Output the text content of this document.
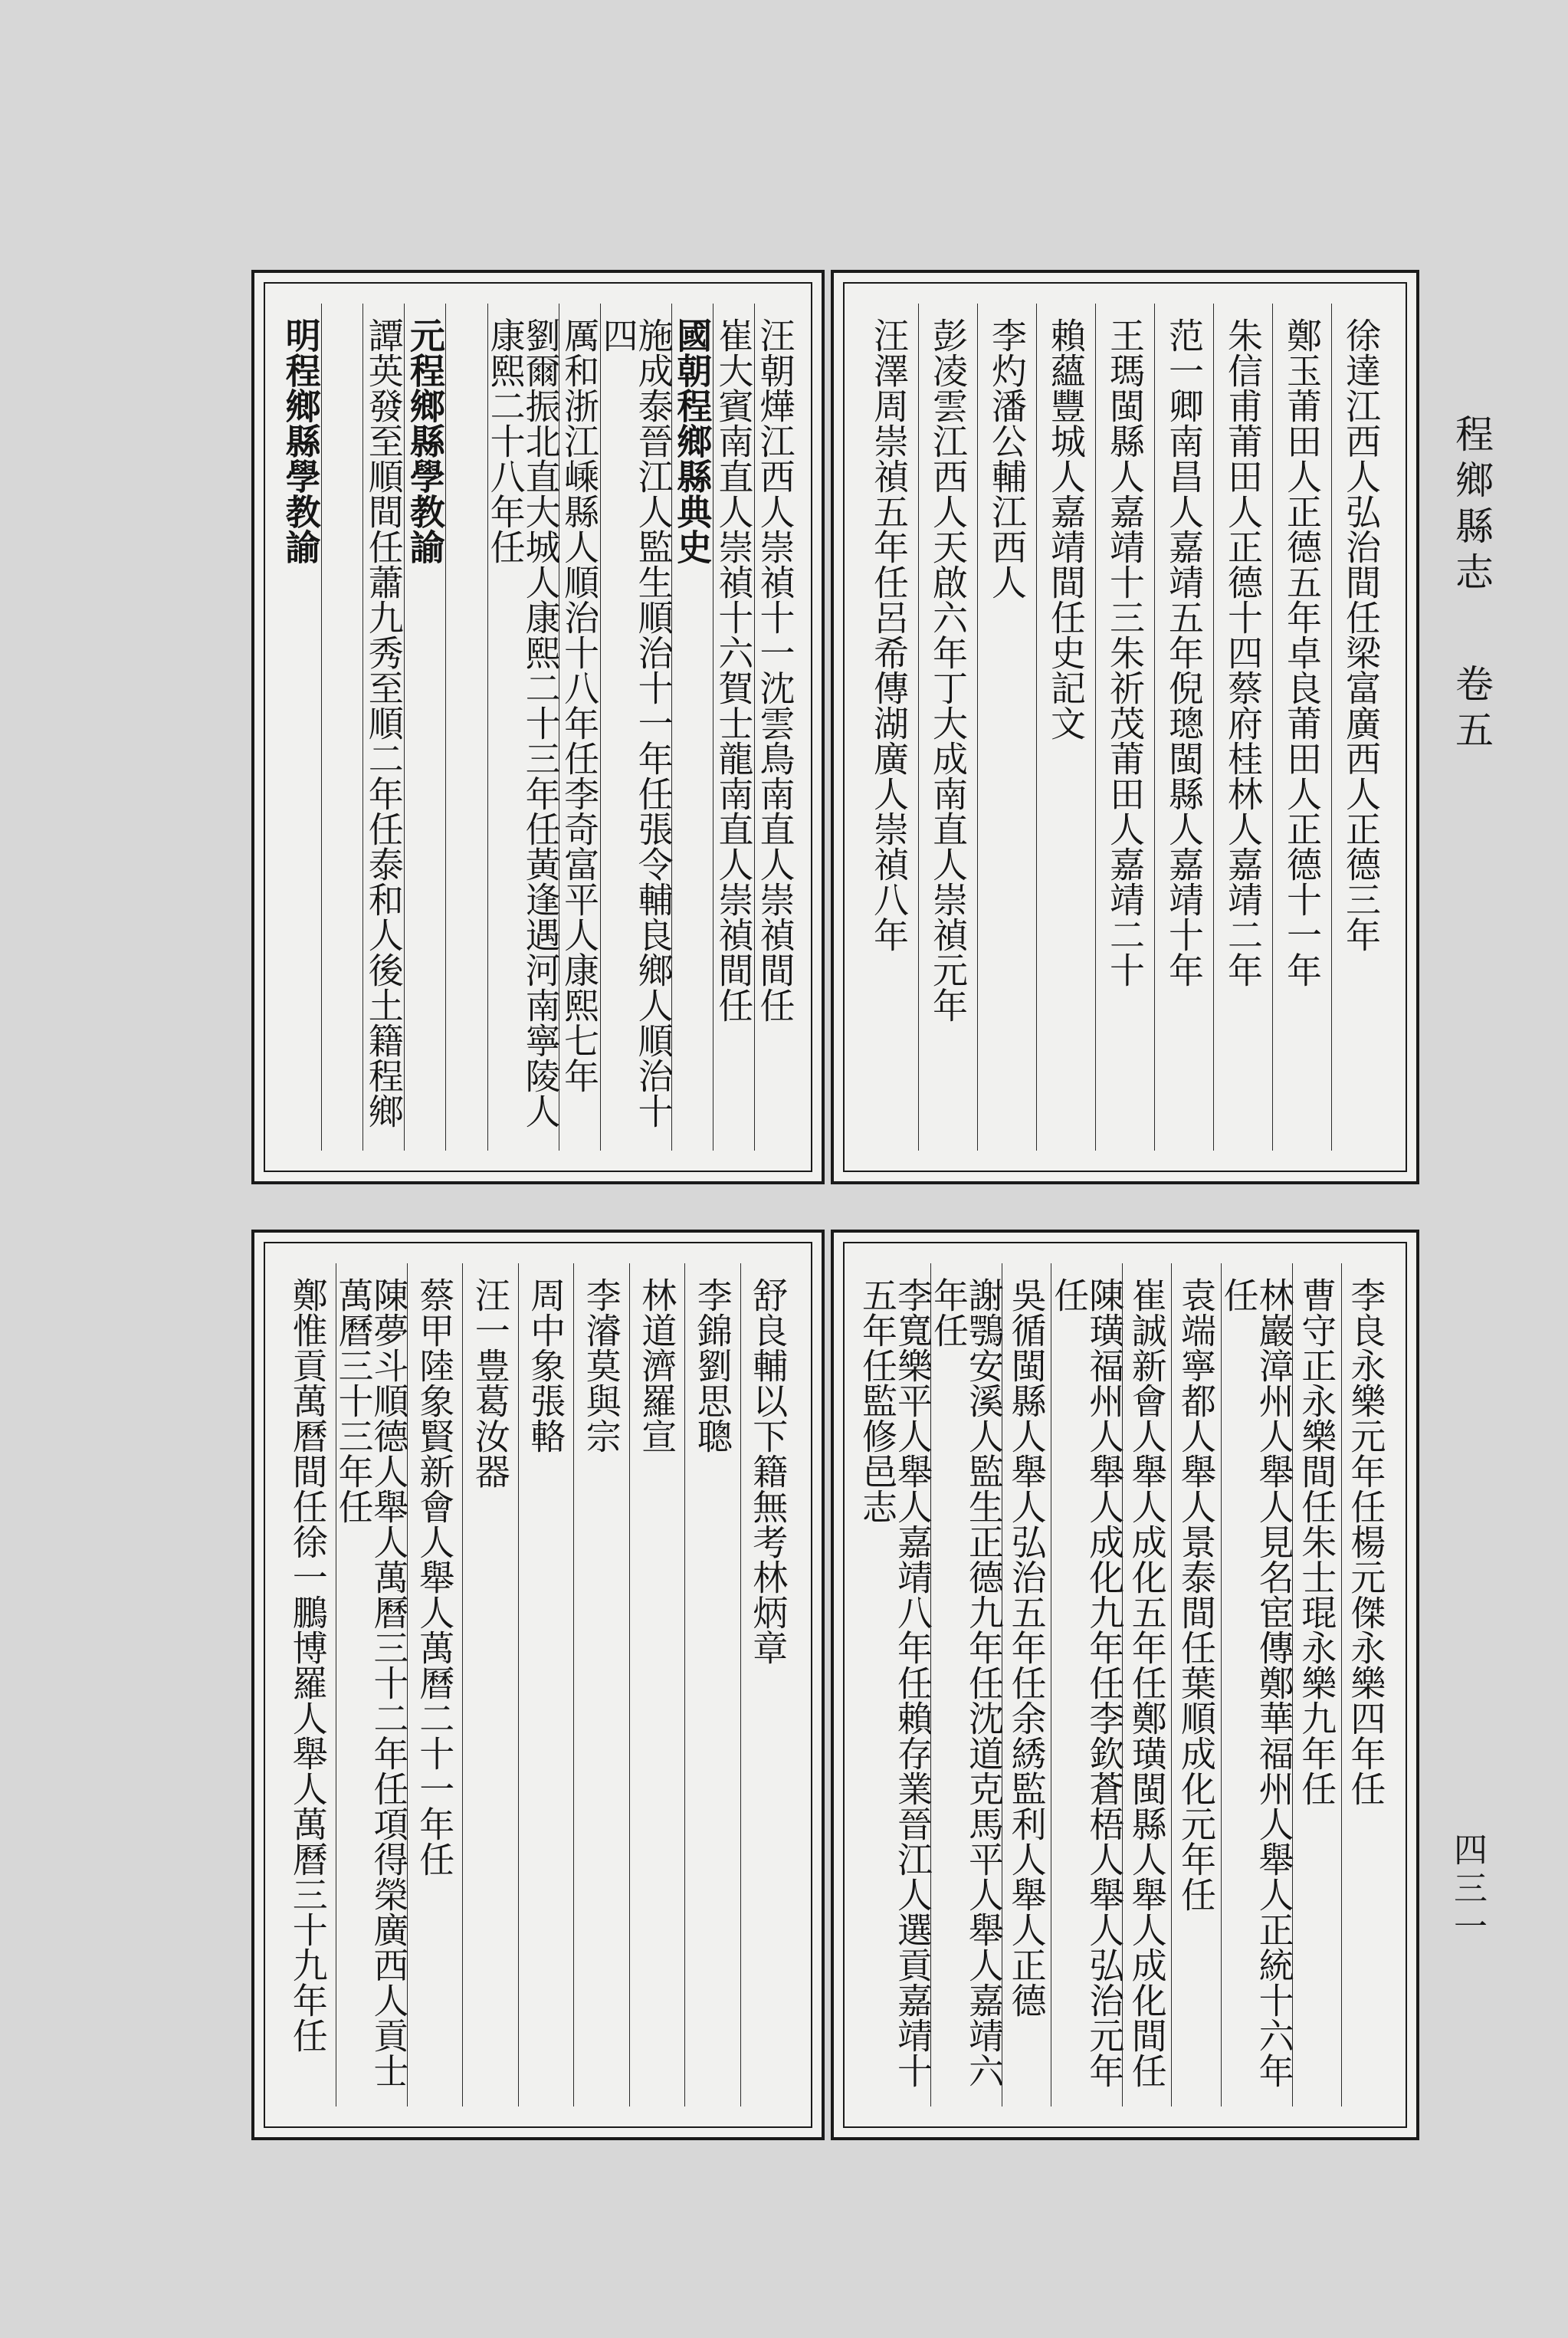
程鄉縣志 卷五
四三一
徐達江西人弘治間任梁富廣西人正德三年
鄭玉莆田人正德五年卓良莆田人正德十一年
朱信甫莆田人正德十四蔡府桂林人嘉靖二年
范一卿南昌人嘉靖五年倪璁閩縣人嘉靖十年
王瑪閩縣人嘉靖十三朱祈茂莆田人嘉靖二十
賴蘊豐城人嘉靖間任史記文
李灼潘公輔江西人
彭凌雲江西人天啟六年丁大成南直人崇禎元年
汪澤周崇禎五年任呂希傳湖廣人崇禎八年
汪朝燁江西人崇禎十一沈雲鳥南直人崇禎間任
崔大賓南直人崇禎十六賀士龍南直人崇禎間任
國朝程鄉縣典史
施成泰晉江人監生順治十一年任張令輔良鄉人順治十四
厲和浙江嵊縣人順治十八年任李奇富平人康熙七年
劉爾振北直大城人康熙二十三年任黃逢遇河南寧陵人康熙二十八年任
元程鄉縣學教諭
譚英發至順間任蕭九秀至順二年任泰和人後土籍程鄉
明程鄉縣學教諭
李良永樂元年任楊元傑永樂四年任
曹守正永樂間任朱士琨永樂九年任
林巖漳州人舉人見名宦傳鄭華福州人舉人正統十六年任
袁端寧都人舉人景泰間任葉順成化元年任
崔誠新會人舉人成化五年任鄭璜閩縣人舉人成化間任
陳璜福州人舉人成化九年任李欽蒼梧人舉人弘治元年任
吳循閩縣人舉人弘治五年任余綉監利人舉人正德
謝鶚安溪人監生正德九年任沈道克馬平人舉人嘉靖六年任
李寬樂平人舉人嘉靖八年任賴存業晉江人選貢嘉靖十五年任監修邑志
舒良輔以下籍無考林炳章
李錦劉思聰
林道濟羅宣
李濬莫與宗
周中象張輅
汪一豊葛汝器
蔡甲陸象賢新會人舉人萬曆二十一年任
陳夢斗順德人舉人萬曆三十二年任項得榮廣西人貢士萬曆三十三年任
鄭惟貢萬曆間任徐一鵬博羅人舉人萬曆三十九年任
